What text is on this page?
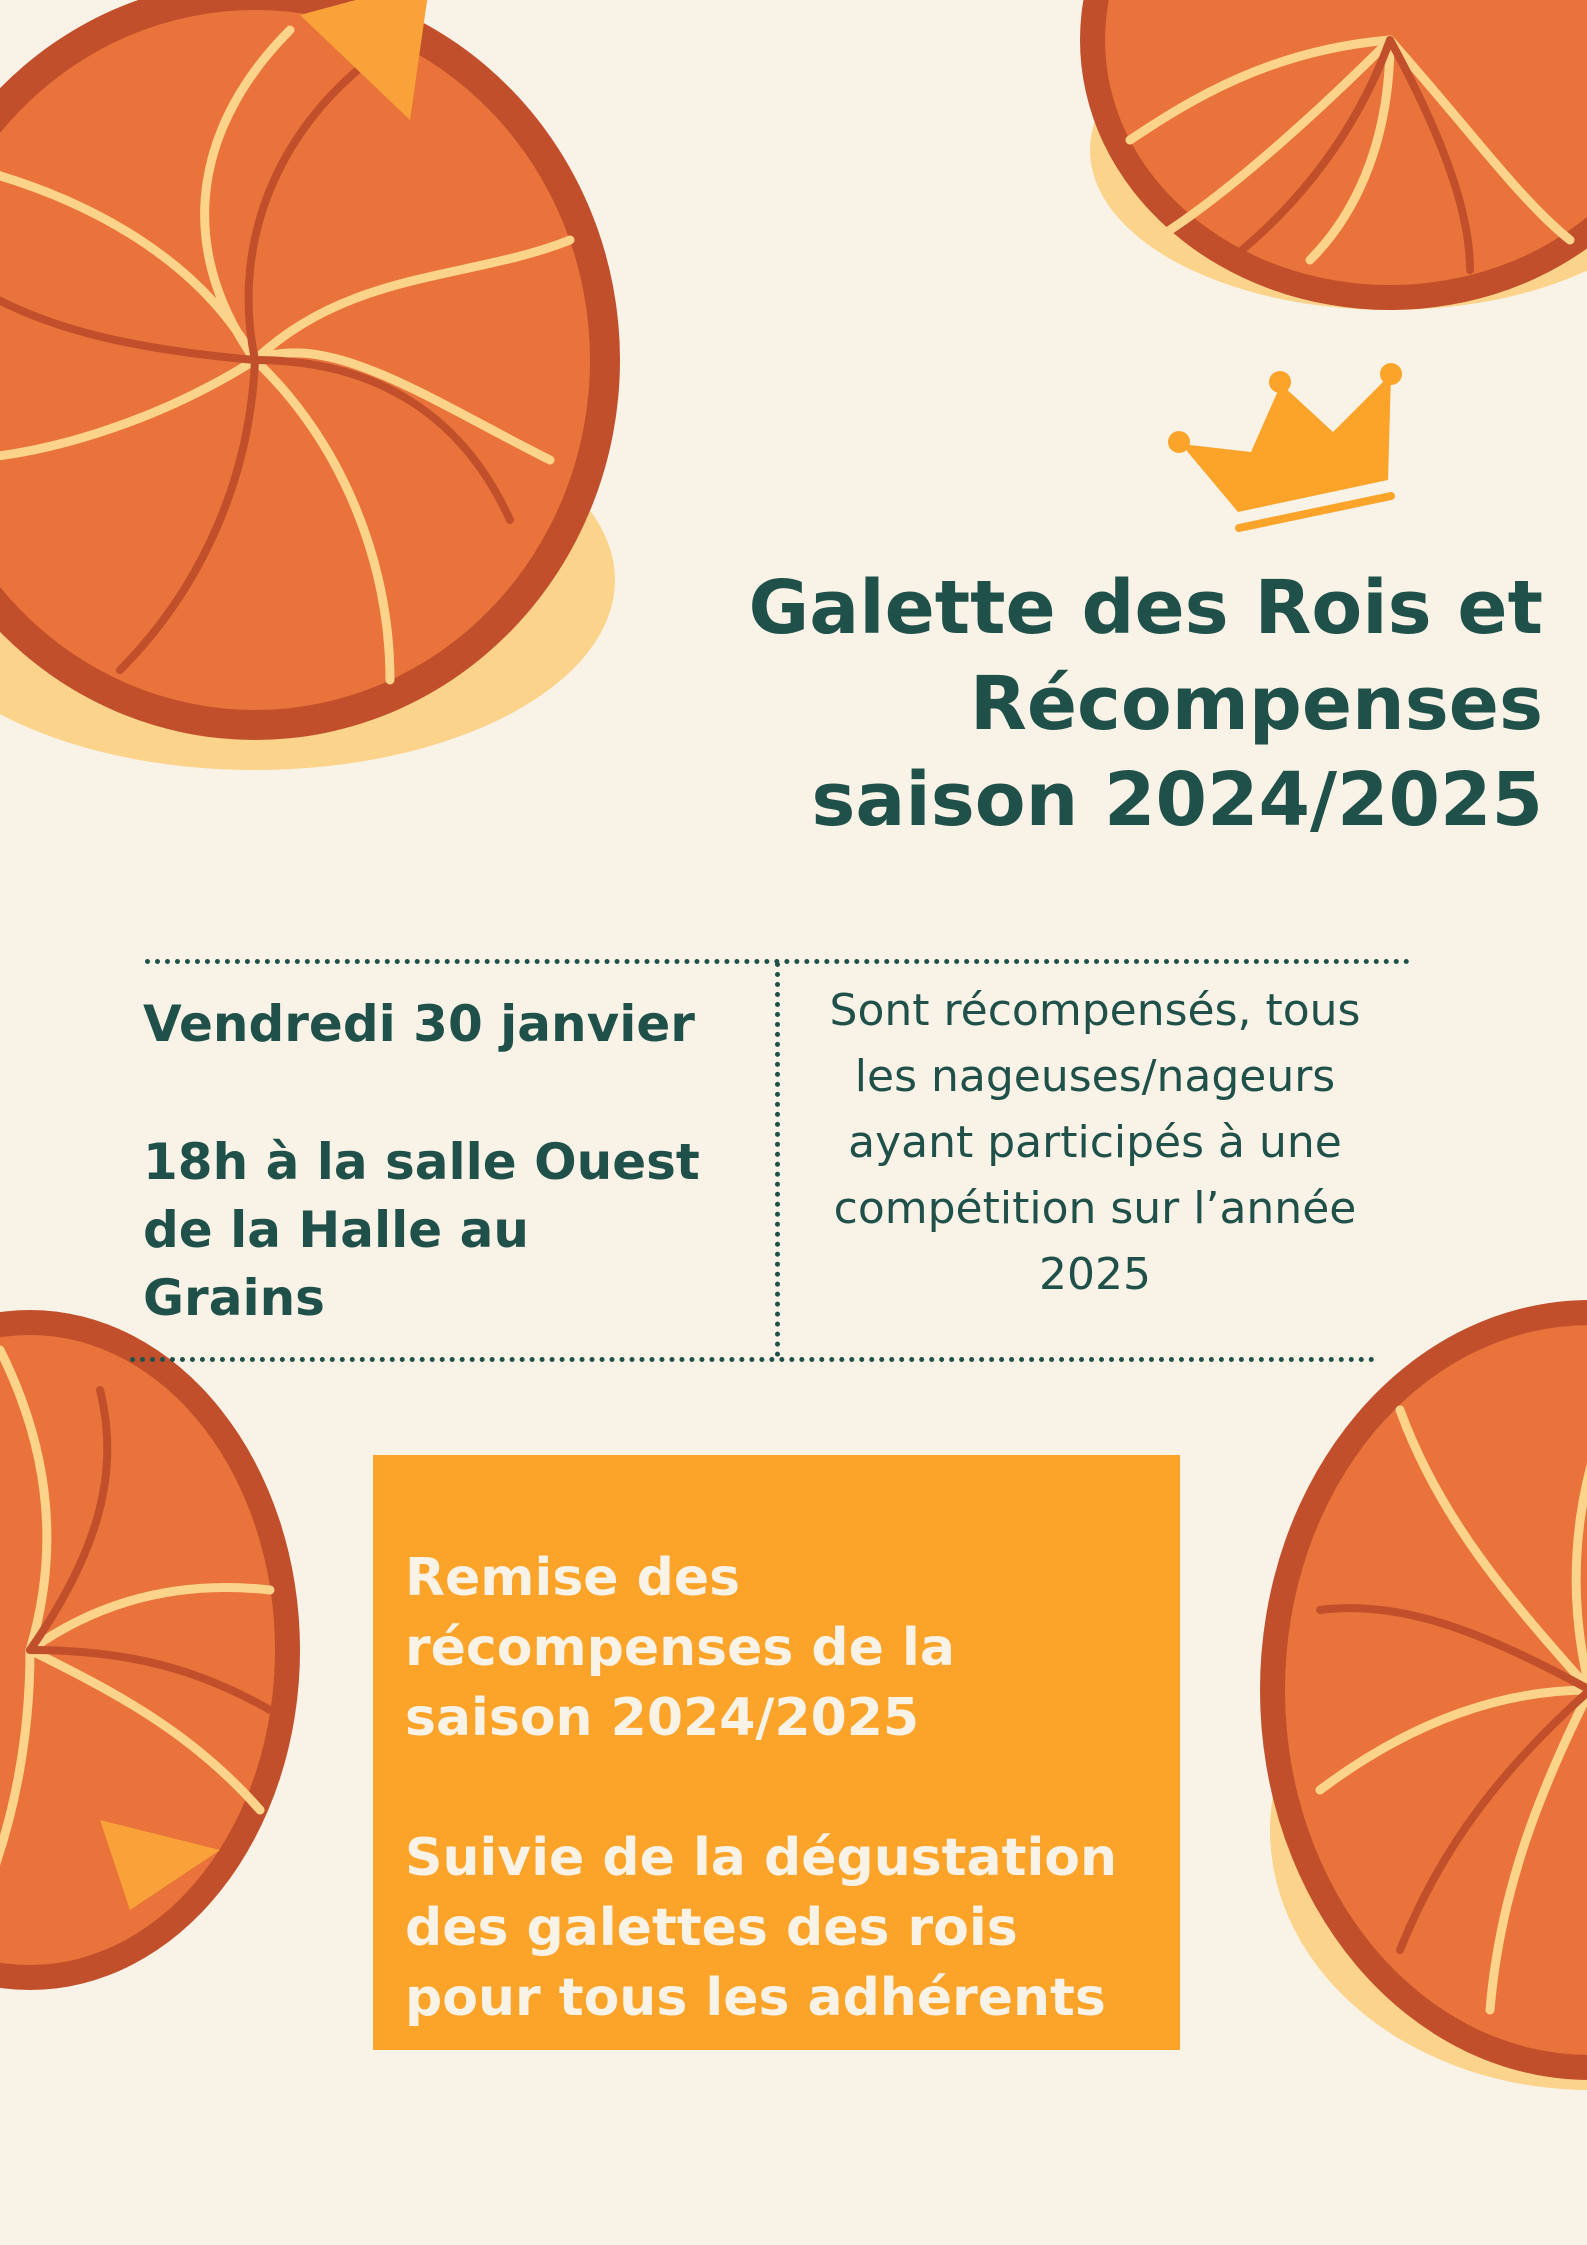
Galette des Rois et
Récompenses
saison 2024/2025

Vendredi 30 janvier

18h à la salle Ouest
de la Halle au
Grains

Sont récompensés, tous
les nageuses/nageurs
ayant participés à une
compétition sur l’année
2025

Remise des
récompenses de la
saison 2024/2025

Suivie de la dégustation
des galettes des rois
pour tous les adhérents
